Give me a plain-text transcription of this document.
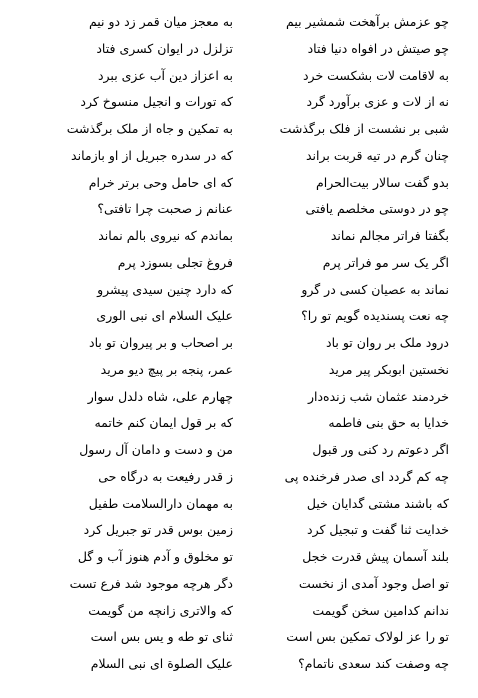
چو عزمش برآهخت شمشیر بیم
به معجز میان قمر زد دو نیم
چو صیتش در افواه دنیا فتاد
تزلزل در ایوان کسری فتاد
به لاقامت لات بشکست خرد
به اعزاز دین آب عزی ببرد
نه از لات و عزی برآورد گرد
که تورات و انجیل منسوخ کرد
شبی بر نشست از فلک برگذشت
به تمکین و جاه از ملک برگذشت
چنان گرم در تیه قربت براند
که در سدره جبریل از او بازماند
بدو گفت سالار بیت‌الحرام
که ای حامل وحی برتر خرام
چو در دوستی مخلصم یافتی
عنانم ز صحبت چرا تافتی؟
بگفتا فراتر مجالم نماند
بماندم که نیروی بالم نماند
اگر یک سر مو فراتر پرم
فروغ تجلی بسوزد پرم
نماند به عصیان کسی در گرو
که دارد چنین سیدی پیشرو
چه نعت پسندیده گویم تو را؟
علیک السلام ای نبی الوری
درود ملک بر روان تو باد
بر اصحاب و بر پیروان تو باد
نخستین ابوبکر پیر مرید
عمر، پنجه بر پیچ دیو مرید
خردمند عثمان شب زنده‌دار
چهارم علی، شاه دلدل سوار
خدایا به حق بنی فاطمه
که بر قول ایمان کنم خاتمه
اگر دعوتم رد کنی ور قبول
من و دست و دامان آل رسول
چه کم گردد ای صدر فرخنده پی
ز قدر رفیعت به درگاه حی
که باشند مشتی گدایان خیل
به مهمان دارالسلامت طفیل
خدایت ثنا گفت و تبجیل کرد
زمین بوس قدر تو جبریل کرد
بلند آسمان پیش قدرت خجل
تو مخلوق و آدم هنوز آب و گل
تو اصل وجود آمدی از نخست
دگر هرچه موجود شد فرع تست
ندانم کدامین سخن گویمت
که والاتری زانچه من گویمت
تو را عز لولاک تمکین بس است
ثنای تو طه و یس بس است
چه وصفت کند سعدی ناتمام؟
علیک الصلوة ای نبی السلام
